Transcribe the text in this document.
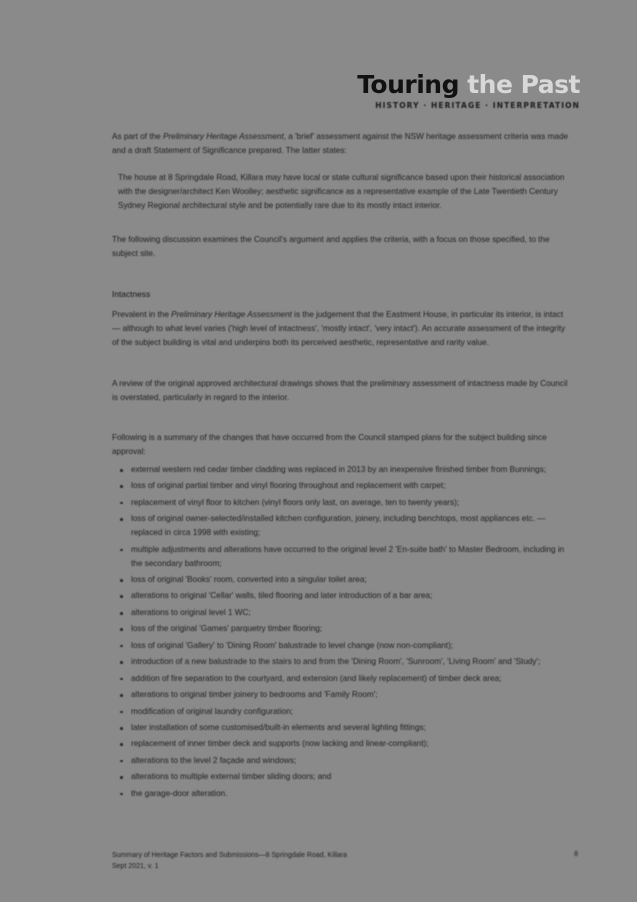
Touring the Past
HISTORY · HERITAGE · INTERPRETATION

As part of the Preliminary Heritage Assessment, a 'brief' assessment against the NSW heritage assessment criteria was made and a draft Statement of Significance prepared. The latter states:

The house at 8 Springdale Road, Killara may have local or state cultural significance based upon their historical association with the designer/architect Ken Woolley; aesthetic significance as a representative example of the Late Twentieth Century Sydney Regional architectural style and be potentially rare due to its mostly intact interior.

The following discussion examines the Council's argument and applies the criteria, with a focus on those specified, to the subject site.

Intactness

Prevalent in the Preliminary Heritage Assessment is the judgement that the Eastment House, in particular its interior, is intact — although to what level varies ('high level of intactness', 'mostly intact', 'very intact'). An accurate assessment of the integrity of the subject building is vital and underpins both its perceived aesthetic, representative and rarity value.

A review of the original approved architectural drawings shows that the preliminary assessment of intactness made by Council is overstated, particularly in regard to the interior.

Following is a summary of the changes that have occurred from the Council stamped plans for the subject building since approval:

external western red cedar timber cladding was replaced in 2013 by an inexpensive finished timber from Bunnings;
loss of original partial timber and vinyl flooring throughout and replacement with carpet;
replacement of vinyl floor to kitchen (vinyl floors only last, on average, ten to twenty years);
loss of original owner-selected/installed kitchen configuration, joinery, including benchtops, most appliances etc. — replaced in circa 1998 with existing;
multiple adjustments and alterations have occurred to the original level 2 'En-suite bath' to Master Bedroom, including in the secondary bathroom;
loss of original 'Books' room, converted into a singular toilet area;
alterations to original 'Cellar' walls, tiled flooring and later introduction of a bar area;
alterations to original level 1 WC;
loss of the original 'Games' parquetry timber flooring;
loss of original 'Gallery' to 'Dining Room' balustrade to level change (now non-compliant);
introduction of a new balustrade to the stairs to and from the 'Dining Room', 'Sunroom', 'Living Room' and 'Study';
addition of fire separation to the courtyard, and extension (and likely replacement) of timber deck area;
alterations to original timber joinery to bedrooms and 'Family Room';
modification of original laundry configuration;
later installation of some customised/built-in elements and several lighting fittings;
replacement of inner timber deck and supports (now lacking and linear-compliant);
alterations to the level 2 façade and windows;
alterations to multiple external timber sliding doors; and
the garage-door alteration.
Summary of Heritage Factors and Submissions—8 Springdale Road, Killara
Sept 2021, v. 1
8
